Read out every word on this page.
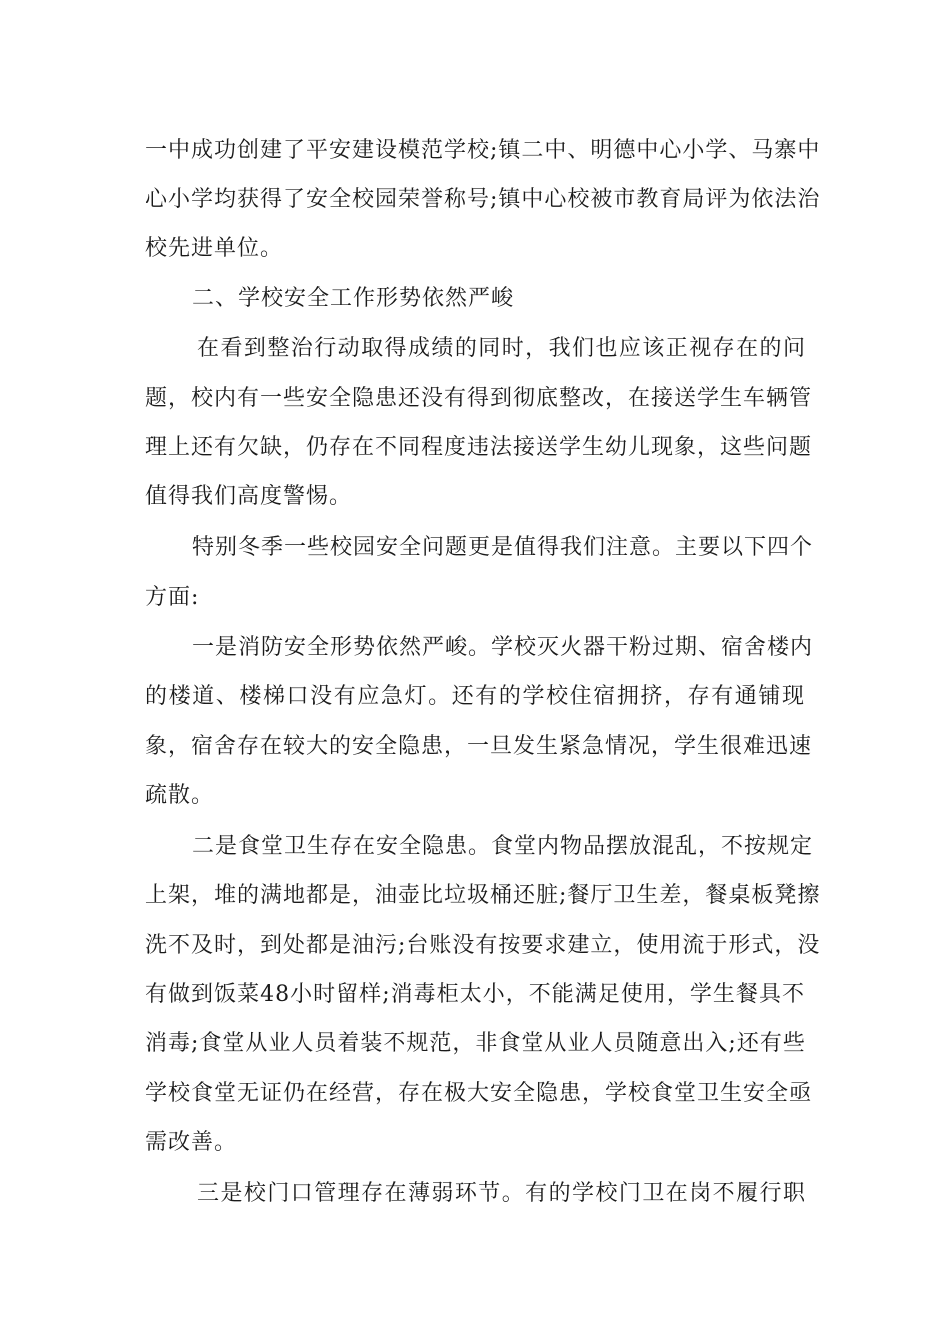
一中成功创建了平安建设模范学校;镇二中、明德中心小学、马寨中
心小学均获得了安全校园荣誉称号;镇中心校被市教育局评为依法治
校先进单位。
二、学校安全工作形势依然严峻
在看到整治行动取得成绩的同时，我们也应该正视存在的问
题，校内有一些安全隐患还没有得到彻底整改，在接送学生车辆管
理上还有欠缺，仍存在不同程度违法接送学生幼儿现象，这些问题
值得我们高度警惕。
特别冬季一些校园安全问题更是值得我们注意。主要以下四个
方面:
一是消防安全形势依然严峻。学校灭火器干粉过期、宿舍楼内
的楼道、楼梯口没有应急灯。还有的学校住宿拥挤，存有通铺现
象，宿舍存在较大的安全隐患，一旦发生紧急情况，学生很难迅速
疏散。
二是食堂卫生存在安全隐患。食堂内物品摆放混乱，不按规定
上架，堆的满地都是，油壶比垃圾桶还脏;餐厅卫生差，餐桌板凳擦
洗不及时，到处都是油污;台账没有按要求建立，使用流于形式，没
有做到饭菜48小时留样;消毒柜太小，不能满足使用，学生餐具不
消毒;食堂从业人员着装不规范，非食堂从业人员随意出入;还有些
学校食堂无证仍在经营，存在极大安全隐患，学校食堂卫生安全亟
需改善。
三是校门口管理存在薄弱环节。有的学校门卫在岗不履行职
